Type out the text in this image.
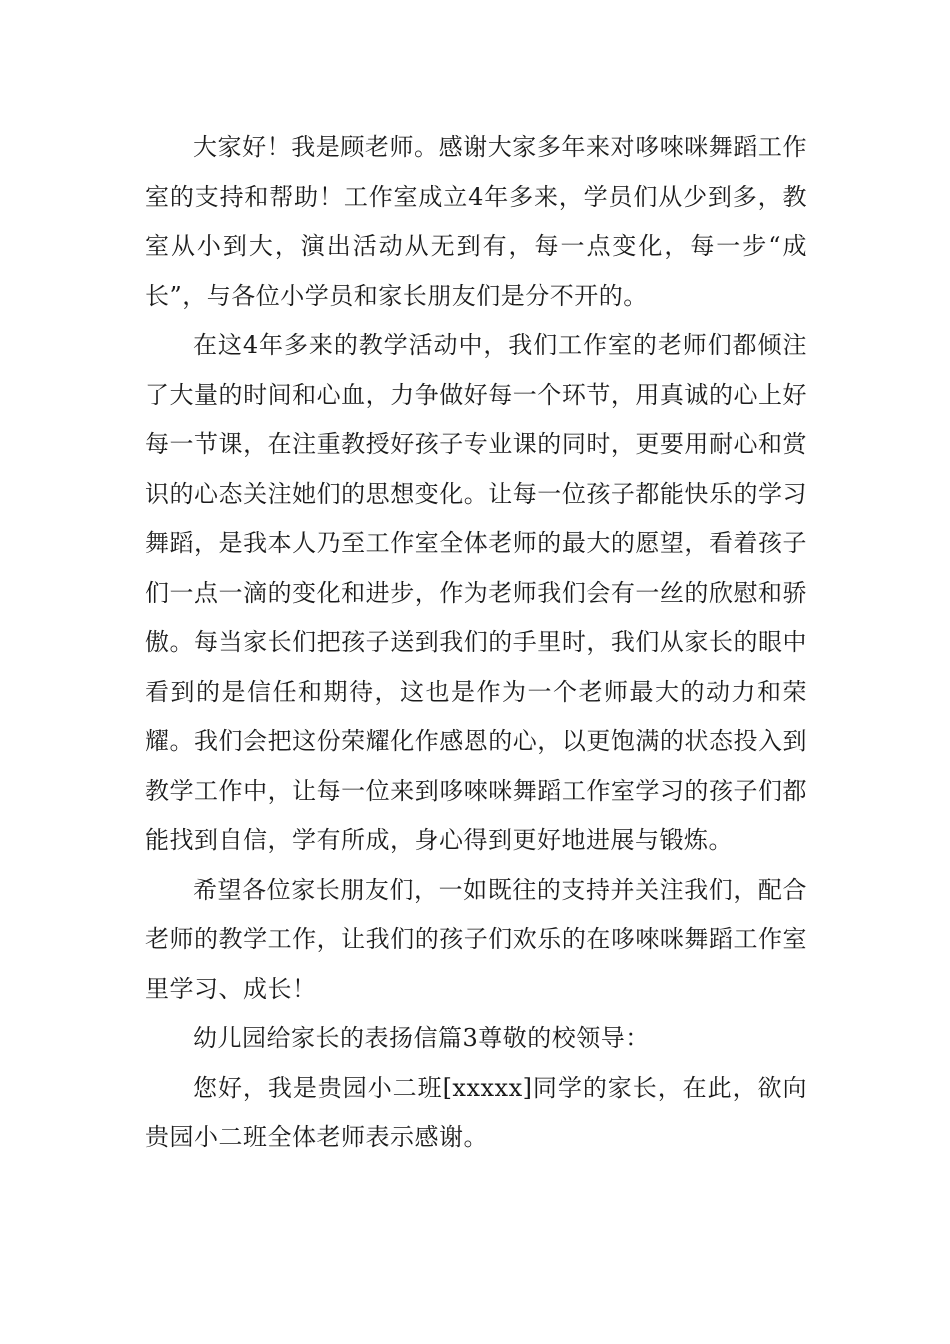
大家好！我是顾老师。感谢大家多年来对哆唻咪舞蹈工作室的支持和帮助！工作室成立4年多来，学员们从少到多，教室从小到大，演出活动从无到有，每一点变化，每一步“成长”，与各位小学员和家长朋友们是分不开的。

在这4年多来的教学活动中，我们工作室的老师们都倾注了大量的时间和心血，力争做好每一个环节，用真诚的心上好每一节课，在注重教授好孩子专业课的同时，更要用耐心和赏识的心态关注她们的思想变化。让每一位孩子都能快乐的学习舞蹈，是我本人乃至工作室全体老师的最大的愿望，看着孩子们一点一滴的变化和进步，作为老师我们会有一丝的欣慰和骄傲。每当家长们把孩子送到我们的手里时，我们从家长的眼中看到的是信任和期待，这也是作为一个老师最大的动力和荣耀。我们会把这份荣耀化作感恩的心，以更饱满的状态投入到教学工作中，让每一位来到哆唻咪舞蹈工作室学习的孩子们都能找到自信，学有所成，身心得到更好地进展与锻炼。

希望各位家长朋友们，一如既往的支持并关注我们，配合老师的教学工作，让我们的孩子们欢乐的在哆唻咪舞蹈工作室里学习、成长！

幼儿园给家长的表扬信篇3尊敬的校领导：

您好，我是贵园小二班[xxxxx]同学的家长，在此，欲向贵园小二班全体老师表示感谢。
